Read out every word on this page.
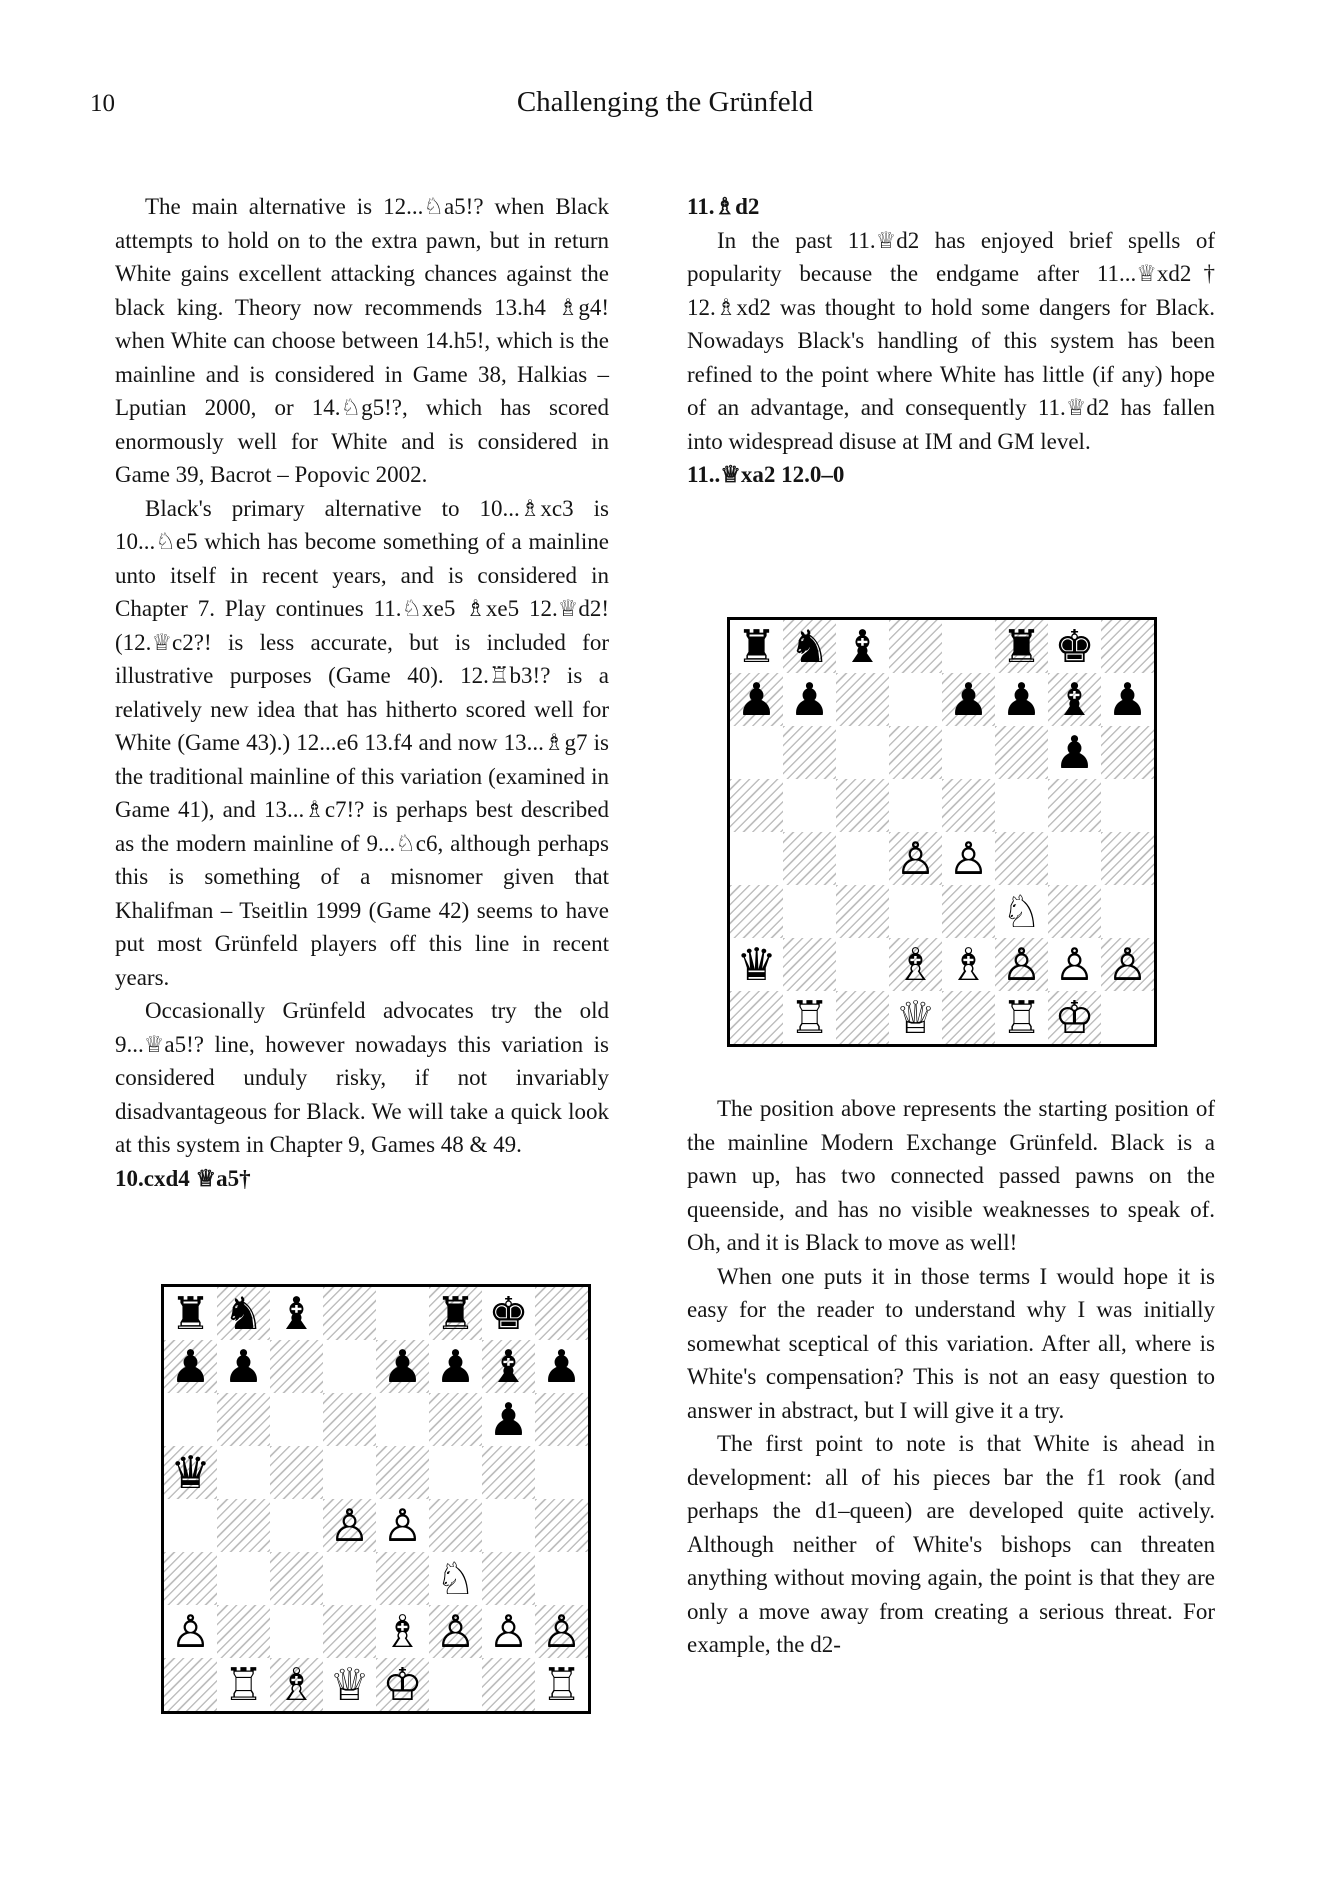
10	Challenging the Grünfeld

The main alternative is 12...♘a5!? when Black attempts to hold on to the extra pawn, but in return White gains excellent attacking chances against the black king. Theory now recommends 13.h4 ♗g4! when White can choose between 14.h5!, which is the mainline and is considered in Game 38, Halkias – Lputian 2000, or 14.♘g5!?, which has scored enormously well for White and is considered in Game 39, Bacrot – Popovic 2002.

Black's primary alternative to 10...♗xc3 is 10...♘e5 which has become something of a mainline unto itself in recent years, and is considered in Chapter 7. Play continues 11.♘xe5 ♗xe5 12.♕d2! (12.♕c2?! is less accurate, but is included for illustrative purposes (Game 40). 12.♖b3!? is a relatively new idea that has hitherto scored well for White (Game 43).) 12...e6 13.f4 and now 13...♗g7 is the traditional mainline of this variation (examined in Game 41), and 13...♗c7!? is perhaps best described as the modern mainline of 9...♘c6, although perhaps this is something of a misnomer given that Khalifman – Tseitlin 1999 (Game 42) seems to have put most Grünfeld players off this line in recent years.

Occasionally Grünfeld advocates try the old 9...♕a5!? line, however nowadays this variation is considered unduly risky, if not invariably disadvantageous for Black. We will take a quick look at this system in Chapter 9, Games 48 & 49.

10.cxd4 ♕a5†

11.♗d2

In the past 11.♕d2 has enjoyed brief spells of popularity because the endgame after 11...♕xd2† 12.♗xd2 was thought to hold some dangers for Black. Nowadays Black's handling of this system has been refined to the point where White has little (if any) hope of an advantage, and consequently 11.♕d2 has fallen into widespread disuse at IM and GM level.

11..♕xa2 12.0–0

♜ ♞ ♝	♜ ♚
♟ ♟	♟ ♟ ♝ ♟
♟
♙ ♙
♘
♛	♗ ♗ ♙ ♙ ♙
♖ ♕ ♖ ♔

The position above represents the starting position of the mainline Modern Exchange Grünfeld. Black is a pawn up, has two connected passed pawns on the queenside, and has no visible weaknesses to speak of. Oh, and it is Black to move as well!

When one puts it in those terms I would hope it is easy for the reader to understand why I was initially somewhat sceptical of this variation. After all, where is White's compensation? This is not an easy question to answer in abstract, but I will give it a try.

The first point to note is that White is ahead in development: all of his pieces bar the f1 rook (and perhaps the d1–queen) are developed quite actively. Although neither of White's bishops can threaten anything without moving again, the point is that they are only a move away from creating a serious threat. For example, the d2-

♜ ♞ ♝	♜ ♚
♟ ♟	♟ ♟ ♝ ♟
♟
♛
♙ ♙
♘
♙	♗ ♙ ♙ ♙
♖ ♗ ♕ ♔	♖
